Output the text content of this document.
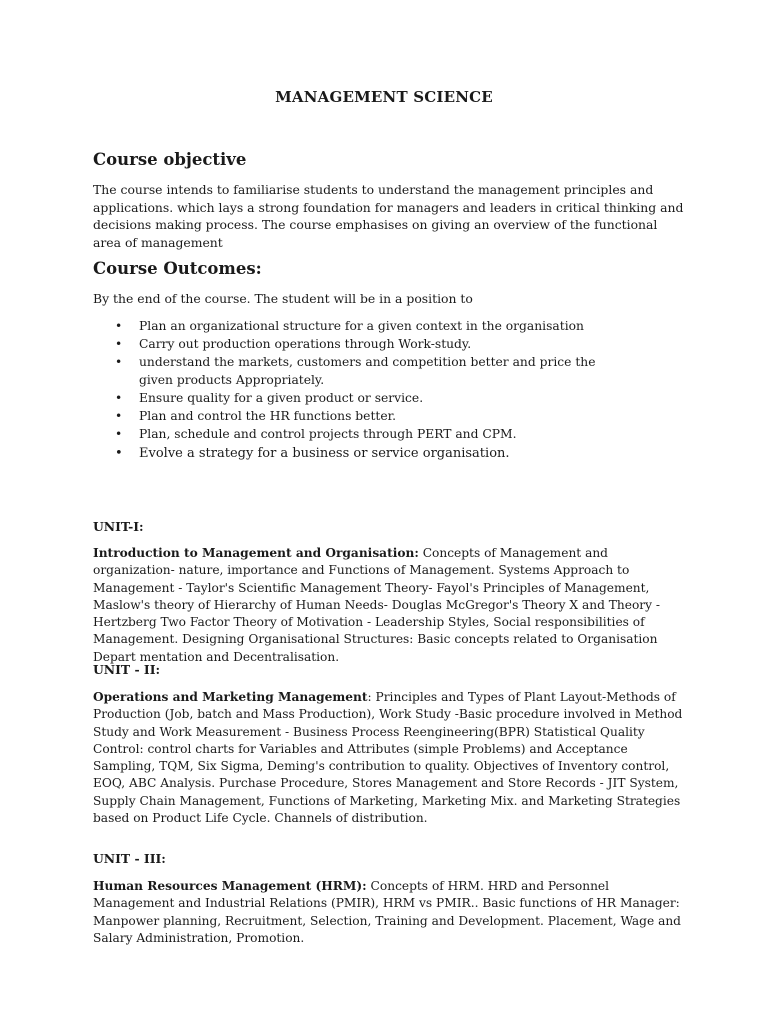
MANAGEMENT SCIENCE
Course objective
The course intends to familiarise students to understand the management principles and applications. which lays a strong foundation for managers and leaders in critical thinking and decisions making process. The course emphasises on giving an overview of the functional area of management
Course Outcomes:
By the end of the course. The student will be in a position to
• Plan an organizational structure for a given context in the organisation
• Carry out production operations through Work-study.
• understand the markets, customers and competition better and price the given products Appropriately.
• Ensure quality for a given product or service.
• Plan and control the HR functions better.
• Plan, schedule and control projects through PERT and CPM.
• Evolve a strategy for a business or service organisation.
UNIT-I:
Introduction to Management and Organisation: Concepts of Management and organization- nature, importance and Functions of Management. Systems Approach to Management - Taylor's Scientific Management Theory- Fayol's Principles of Management, Maslow's theory of Hierarchy of Human Needs- Douglas McGregor's Theory X and Theory - Hertzberg Two Factor Theory of Motivation - Leadership Styles, Social responsibilities of Management. Designing Organisational Structures: Basic concepts related to Organisation Depart mentation and Decentralisation.
UNIT - II:
Operations and Marketing Management: Principles and Types of Plant Layout-Methods of Production (Job, batch and Mass Production), Work Study -Basic procedure involved in Method Study and Work Measurement - Business Process Reengineering(BPR) Statistical Quality Control: control charts for Variables and Attributes (simple Problems) and Acceptance Sampling, TQM, Six Sigma, Deming's contribution to quality. Objectives of Inventory control, EOQ, ABC Analysis. Purchase Procedure, Stores Management and Store Records - JIT System, Supply Chain Management, Functions of Marketing, Marketing Mix. and Marketing Strategies based on Product Life Cycle. Channels of distribution.
UNIT - III:
Human Resources Management (HRM): Concepts of HRM. HRD and Personnel Management and Industrial Relations (PMIR), HRM vs PMIR.. Basic functions of HR Manager: Manpower planning, Recruitment, Selection, Training and Development. Placement, Wage and Salary Administration, Promotion.
